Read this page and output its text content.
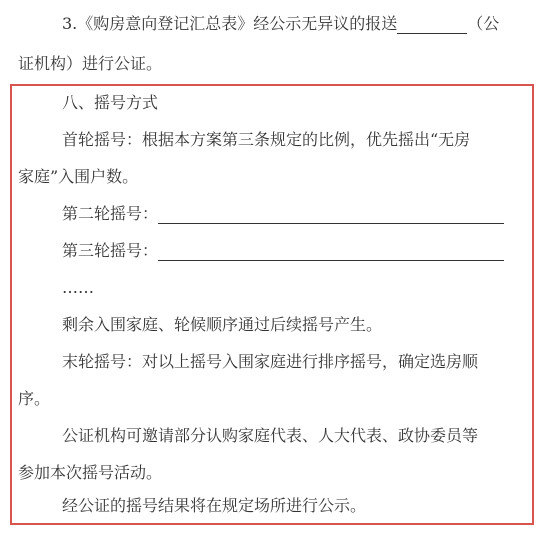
3.《购房意向登记汇总表》经公示无异议的报送	（公
证机构）进行公证。
八、摇号方式
首轮摇号：根据本方案第三条规定的比例，优先摇出“无房
家庭”入围户数。
第二轮摇号：
第三轮摇号：
……
剩余入围家庭、轮候顺序通过后续摇号产生。
末轮摇号：对以上摇号入围家庭进行排序摇号，确定选房顺
序。
公证机构可邀请部分认购家庭代表、人大代表、政协委员等
参加本次摇号活动。
经公证的摇号结果将在规定场所进行公示。
